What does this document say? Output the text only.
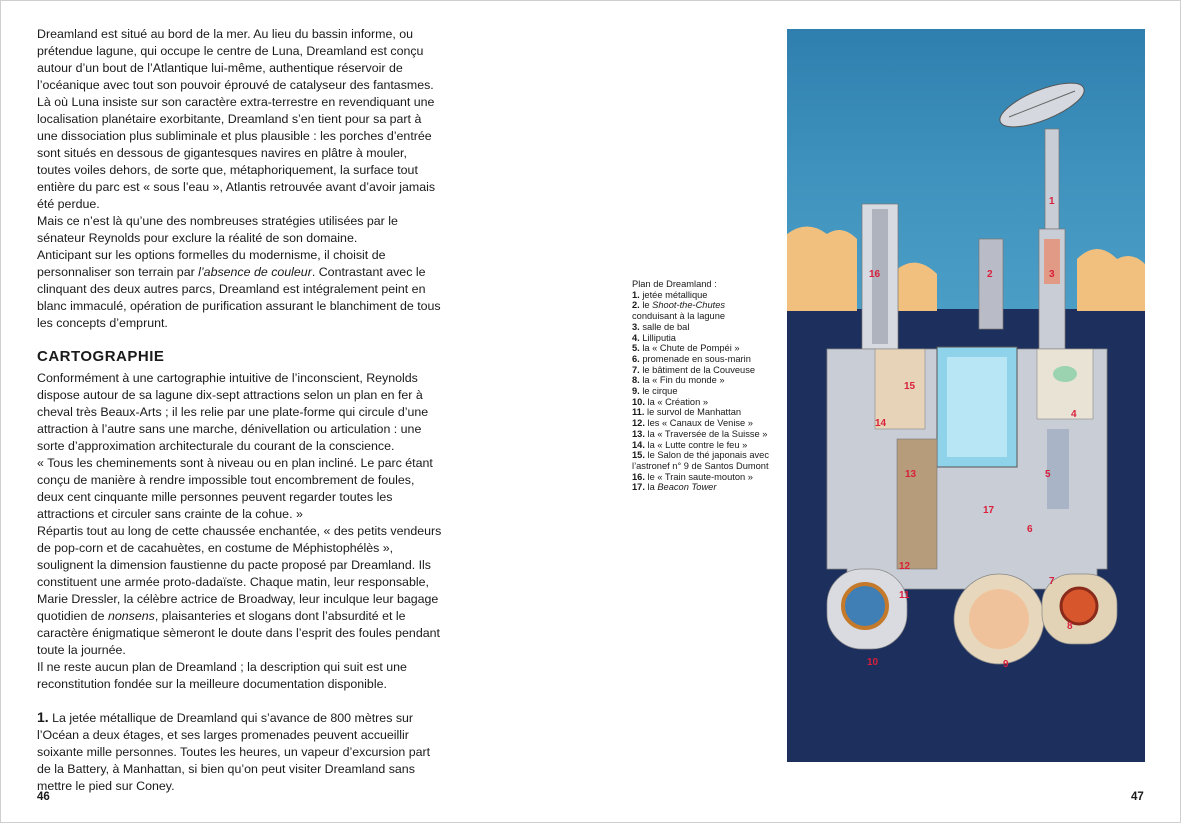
Dreamland est situé au bord de la mer. Au lieu du bassin informe, ou prétendue lagune, qui occupe le centre de Luna, Dreamland est conçu autour d’un bout de l’Atlantique lui-même, authentique réservoir de l’océanique avec tout son pouvoir éprouvé de catalyseur des fantasmes.

Là où Luna insiste sur son caractère extra-terrestre en revendiquant une localisation planétaire exorbitante, Dreamland s’en tient pour sa part à une dissociation plus subliminale et plus plausible : les porches d’entrée sont situés en dessous de gigantesques navires en plâtre à mouler, toutes voiles dehors, de sorte que, métaphoriquement, la surface tout entière du parc est « sous l’eau », Atlantis retrouvée avant d’avoir jamais été perdue.

Mais ce n’est là qu’une des nombreuses stratégies utilisées par le sénateur Reynolds pour exclure la réalité de son domaine.

Anticipant sur les options formelles du modernisme, il choisit de personnaliser son terrain par l’absence de couleur. Contrastant avec le clinquant des deux autres parcs, Dreamland est intégralement peint en blanc immaculé, opération de purification assurant le blanchiment de tous les concepts d’emprunt.

CARTOGRAPHIE

Conformément à une cartographie intuitive de l’inconscient, Reynolds dispose autour de sa lagune dix-sept attractions selon un plan en fer à cheval très Beaux-Arts ; il les relie par une plate-forme qui circule d’une attraction à l’autre sans une marche, dénivellation ou articulation : une sorte d’approximation architecturale du courant de la conscience.

« Tous les cheminements sont à niveau ou en plan incliné. Le parc étant conçu de manière à rendre impossible tout encombrement de foules, deux cent cinquante mille personnes peuvent regarder toutes les attractions et circuler sans crainte de la cohue. »

Répartis tout au long de cette chaussée enchantée, « des petits vendeurs de pop-corn et de cacahuètes, en costume de Méphistophélès », soulignent la dimension faustienne du pacte proposé par Dreamland. Ils constituent une armée proto-dadaïste. Chaque matin, leur responsable, Marie Dressler, la célèbre actrice de Broadway, leur inculque leur bagage quotidien de nonsens, plaisanteries et slogans dont l’absurdité et le caractère énigmatique sèmeront le doute dans l’esprit des foules pendant toute la journée.

Il ne reste aucun plan de Dreamland ; la description qui suit est une reconstitution fondée sur la meilleure documentation disponible.

1. La jetée métallique de Dreamland qui s’avance de 800 mètres sur l’Océan a deux étages, et ses larges promenades peuvent accueillir soixante mille personnes. Toutes les heures, un vapeur d’excursion part de la Battery, à Manhattan, si bien qu’on peut visiter Dreamland sans mettre le pied sur Coney.

46
Plan de Dreamland :
1. jetée métallique
2. le Shoot-the-Chutes
conduisant à la lagune
3. salle de bal
4. Lilliputia
5. la « Chute de Pompéi »
6. promenade en sous-marin
7. le bâtiment de la Couveuse
8. la « Fin du monde »
9. le cirque
10. la « Création »
11. le survol de Manhattan
12. les « Canaux de Venise »
13. la « Traversée de la Suisse »
14. la « Lutte contre le feu »
15. le Salon de thé japonais avec
l’astronef n° 9 de Santos Dumont
16. le « Train saute-mouton »
17. la Beacon Tower
1
2	3
4
5
6
7
8
9
10
11
12
13
14
15
16
17
47
